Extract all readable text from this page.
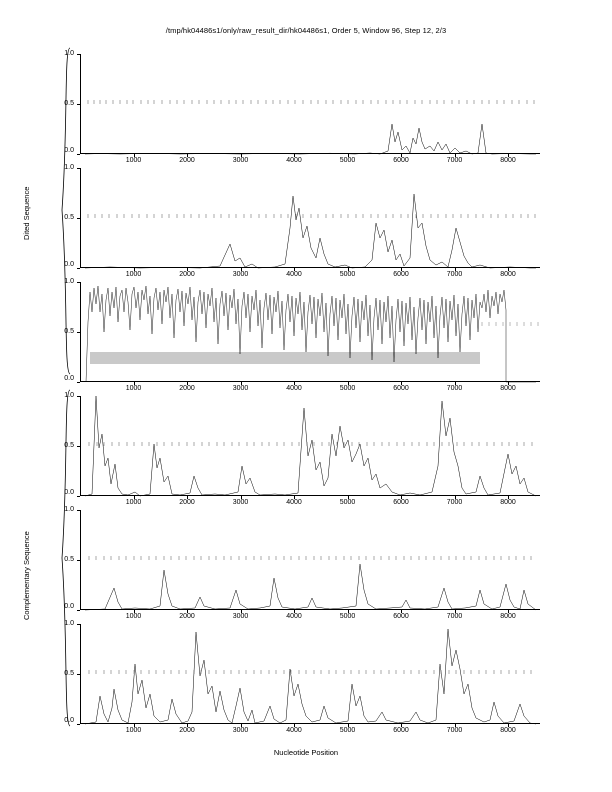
/tmp/hk04486s1/only/raw_result_dir/hk04486s1, Order 5, Window 96, Step 12, 2/3
Dited Sequence
Complementary Sequence
Nucleotide Position
1.0
0.5
0.0
1000	2000	3000	4000	5000	6000	7000	8000
1.0
0.5
0.0
1000	2000	3000	4000	5000	6000	7000	8000
1.0
0.5
0.0
1000	2000	3000	4000	5000	6000	7000	8000
1.0
0.5
0.0
1000	2000	3000	4000	5000	6000	7000	8000
1.0
0.5
0.0
1000	2000	3000	4000	5000	6000	7000	8000
1.0
0.5
0.0
1000	2000	3000	4000	5000	6000	7000	8000
